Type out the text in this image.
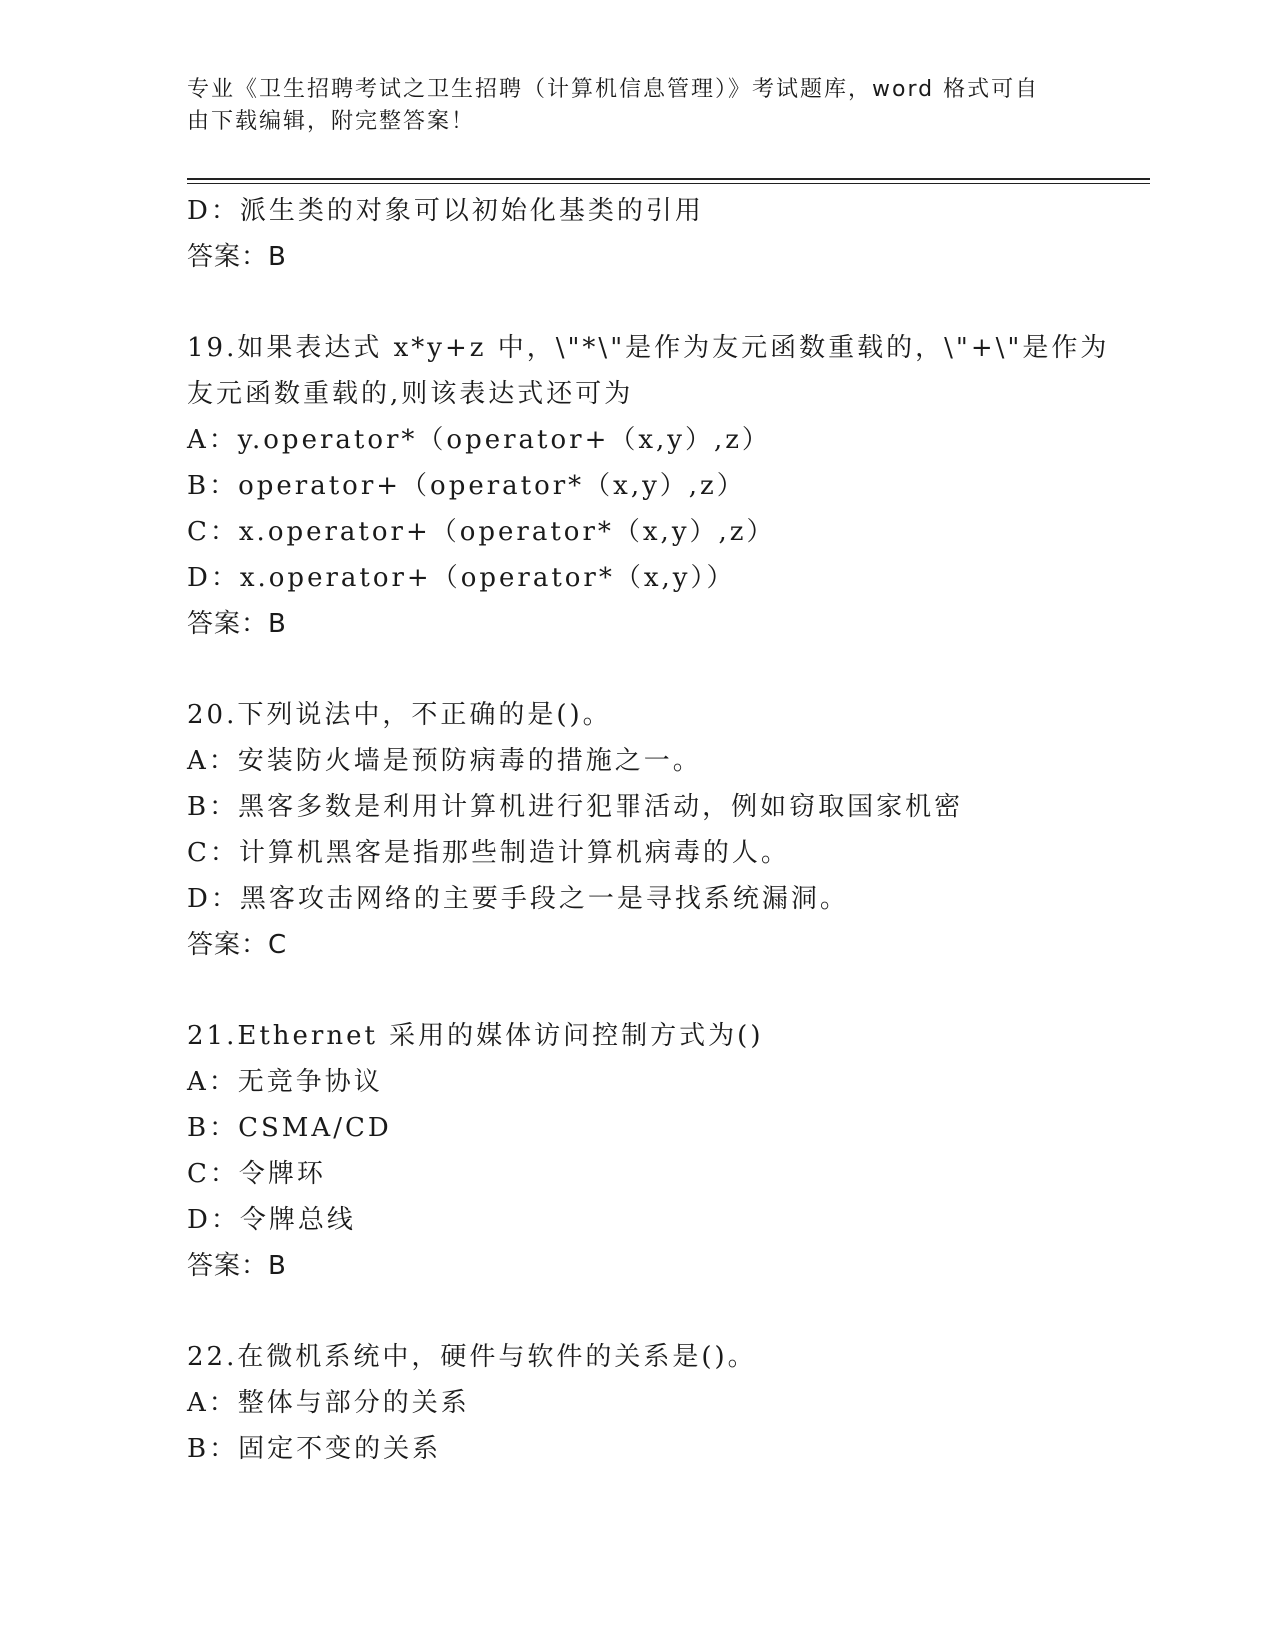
专业《卫生招聘考试之卫生招聘（计算机信息管理）》考试题库，word 格式可自
由下载编辑，附完整答案！
D：派生类的对象可以初始化基类的引用
答案：B
19.如果表达式 x*y+z 中，\"*\"是作为友元函数重载的，\"+\"是作为
友元函数重载的,则该表达式还可为
A：y.operator*（operator+（x,y）,z）
B：operator+（operator*（x,y）,z）
C：x.operator+（operator*（x,y）,z）
D：x.operator+（operator*（x,y））
答案：B
20.下列说法中，不正确的是()。
A：安装防火墙是预防病毒的措施之一。
B：黑客多数是利用计算机进行犯罪活动，例如窃取国家机密
C：计算机黑客是指那些制造计算机病毒的人。
D：黑客攻击网络的主要手段之一是寻找系统漏洞。
答案：C
21.Ethernet 采用的媒体访问控制方式为()
A：无竞争协议
B：CSMA/CD
C：令牌环
D：令牌总线
答案：B
22.在微机系统中，硬件与软件的关系是()。
A：整体与部分的关系
B：固定不变的关系
